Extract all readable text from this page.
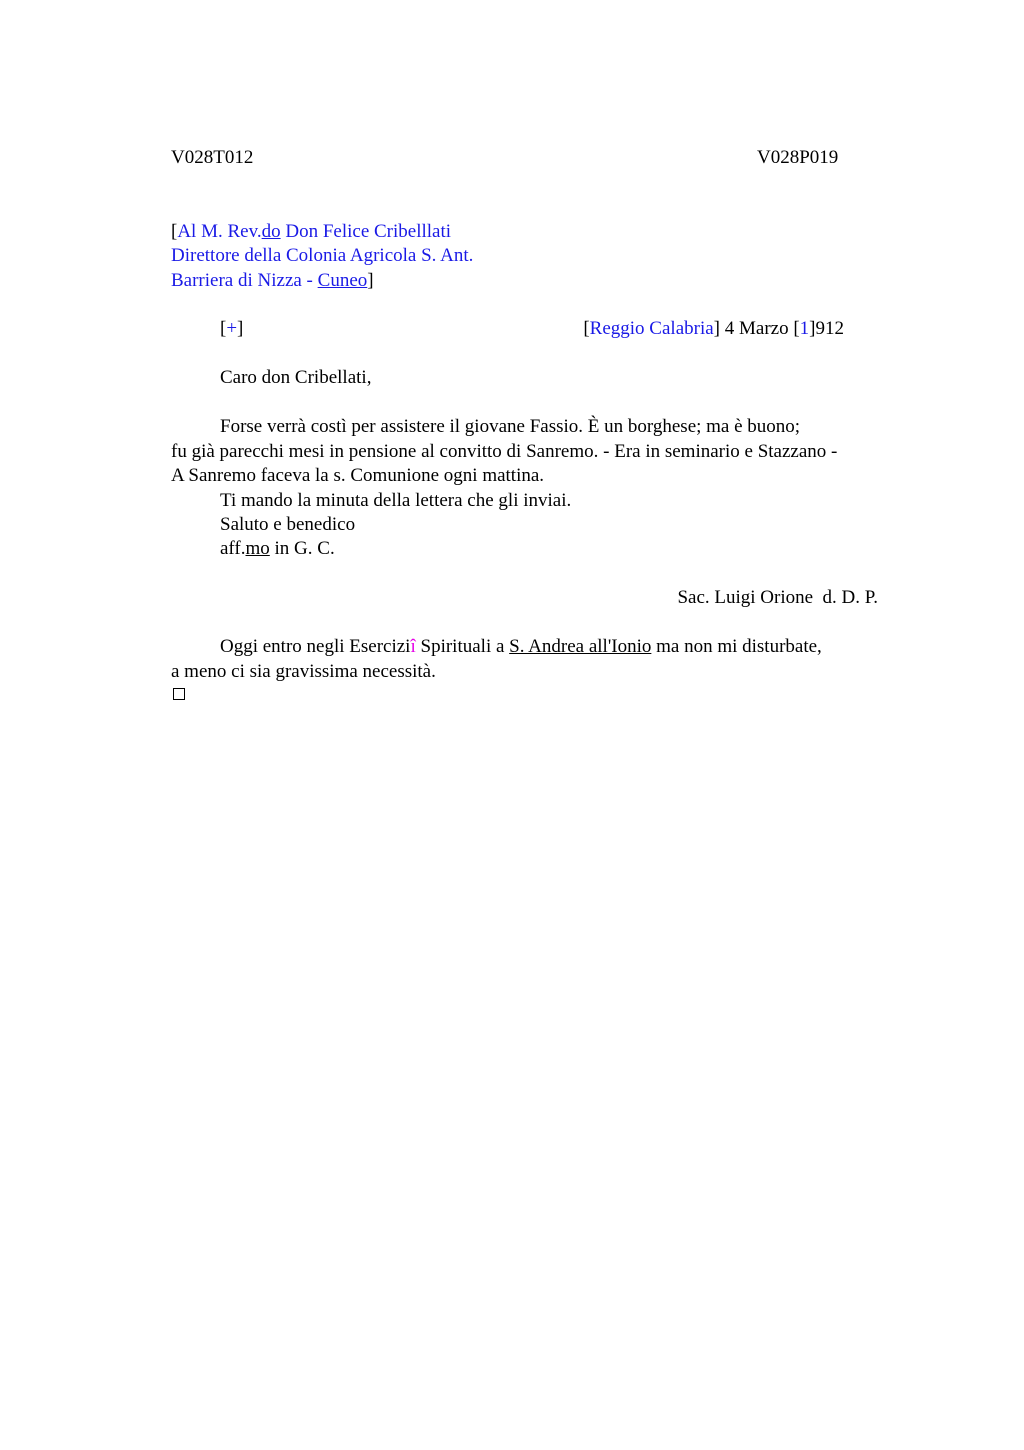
V028T012	V028P019
[Al M. Rev.do Don Felice Cribelllati
Direttore della Colonia Agricola S. Ant.
Barriera di Nizza - Cuneo]
[+]	[Reggio Calabria] 4 Marzo [1]912
Caro don Cribellati,
Forse verrà costì per assistere il giovane Fassio. È un borghese; ma è buono;
fu già parecchi mesi in pensione al convitto di Sanremo. - Era in seminario e Stazzano -
A Sanremo faceva la s. Comunione ogni mattina.
Ti mando la minuta della lettera che gli inviai.
Saluto e benedico
aff.mo in G. C.
Sac. Luigi Orione  d. D. P.
Oggi entro negli Eserciziî Spirituali a S. Andrea all'Ionio ma non mi disturbate,
a meno ci sia gravissima necessità.
